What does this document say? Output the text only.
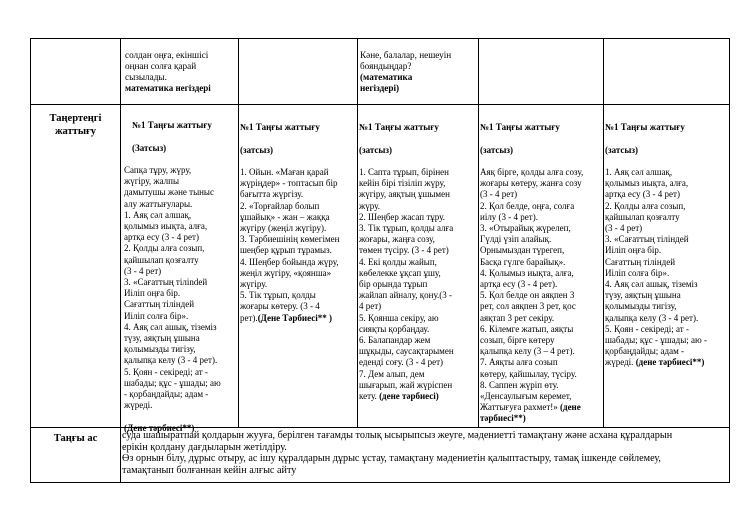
солдан оңға, екіншісі
оңнан солға қарай
сызылады.

математика негіздері

Кәне, балалар, нешеуін
бояндыңдар?
(математика
негіздері)

Таңертеңгі
жаттығу

№1 Таңғы жаттығу

(Затсыз)

Сапқа тұру, жүру,
жүгіру, жалпы
дамытушы және тыныс
алу жаттығулары.
1. Аяқ сәл алшақ,
қолымыз иықта, алға,
артқа есу (3 - 4 рет)
2. Қолды алға созып,
қайшылап қозғалту
(3 - 4 рет)
3. «Сағаттың тілindeй
Иіліп оңға бір.
Сағаттың тіліндей
Иіліп солға бір».
4. Аяқ сәл ашық, тіземіз
түзу, аяқтың ұшына
қолымызды тигізу,
қалыпқа келу (3 - 4 рет).
5. Қоян - секіреді; ат -
шабады; құс - ұшады; аю
- қорбаңдайды; адам -
жүреді.

(Дене тәрбиесі**)

№1 Таңғы жаттығу

(затсыз)

1. Ойын. «Маған қарай
жүріңдер» - топтасып бір
бағытта жүргізу.
2. «Торғайлар болып
ұшайық» - жан – жаққа
жүгіру (жеңіл жүгіру).
3. Тәрбиешінің көмегімен
шеңбер құрып тұрамыз.
4. Шеңбер бойында жүру,
жеңіл жүгіру, «қояншa»
жүгіру.
5. Тік тұрып, қолды
жоғары көтеру. (3 - 4
рет).(Дене Тәрбиесі** )

№1 Таңғы жаттығу

(затсыз)

1. Сапта тұрып, бірінен
кейін бірі тізіліп жүру,
жүгіру, аяқтың ұшымен
жүру.
2. Шеңбер жасап тұру.
3. Тік тұрып, қолды алға
жоғары, жаңға созу,
төмен түсіру. (3 - 4 рет)
4. Екі қолды жайып,
көбелекке ұқсап ұшу,
бір орында тұрып
жайлап айналу, қону.(3 -
4 рет)
5. Қоянша секіру, аю
сияқты қорбаңдау.
6. Балапандар жем
шұқыды, саусақтарымен
еденді соғу. (3 - 4 рет)
7. Дем алып, дем
шығарып, жай жүріспен
кету. (дене тәрбиесі)

№1 Таңғы жаттығу

(затсыз)

Аяқ бірге, қолды алға созу,
жоғары көтеру, жанға созу
(3 - 4 рет)
2. Қол белде, оңға, солға
иілу (3 - 4 рет).
3. «Отырайық жүрелеп,
Гүлді үзіп алайық.
Орнымыздан түрегеп,
Басқа гүлге барайық».
4. Қолымыз иықта, алға,
артқа есу (3 - 4 рет).
5. Қол белде он аяқпен 3
рет, сол аяқпен 3 рет, қос
аяқтап 3 рет секіру.
6. Кілемге жатып, аяқты
созып, бірге көтеру
қалыпқа келу (3 – 4 рет).
7. Аяқты алға созып
көтеру, қайшылау, түсіру.
8. Саппен жүріп өту.
«Денсаулығым керемет,
Жаттығуға рахмет!» (дене
тәрбиесі**)

№1 Таңғы жаттығу

(затсыз)

1. Аяқ сәл алшақ,
қолымыз иықта, алға,
артқа есу (3 - 4 рет)
2. Қолды алға созып,
қайшылап қозғалту
(3 - 4 рет)
3. «Сағаттың тіліндей
Иіліп оңға бір.
Сағаттың тіліндей
Иіліп солға бір».
4. Аяқ сәл ашық, тіземіз
түзу, аяқтың ұшына
қолымызды тигізу,
қалыпқа келу (3 - 4 рет).
5. Қоян - секіреді; ат -
шабады; құс - ұшады; аю -
қорбаңдайды; адам -
жүреді. (дене тәрбиесі**)

Таңғы ас	суда шашыратпай қолдарын жууға, берілген тағамды толық ысырыпсыз жеуге, мәдениетті тамақтану және асхана құралдарын
ерікін қолдану дағдыларын жетілдіру.
Өз орнын білу, дұрыс отыру, ас ішу құралдарын дұрыс ұстау, тамақтану мәдениетін қалыптастыру, тамақ ішкенде сөйлемеу,
тамақтанып болғаннан кейін алғыс айту
